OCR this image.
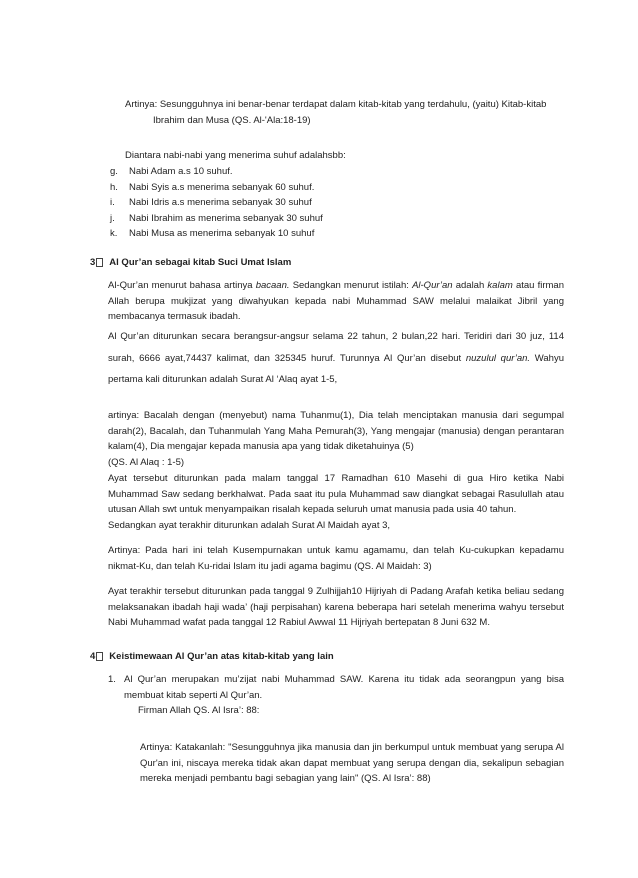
Artinya: Sesungguhnya ini benar-benar terdapat dalam kitab-kitab yang terdahulu, (yaitu) Kitab-kitab

Ibrahim dan Musa (QS. Al-'Ala:18-19)

Diantara nabi-nabi yang menerima suhuf adalahsbb:

g.	Nabi Adam a.s 10 suhuf.
h.	Nabi Syis a.s menerima sebanyak 60 suhuf.
i.	Nabi Idris a.s menerima sebanyak 30 suhuf
j.	Nabi Ibrahim as menerima sebanyak 30 suhuf
k.	Nabi Musa as menerima sebanyak 10 suhuf
3 Al Qur’an sebagai kitab Suci Umat Islam

Al-Qur’an menurut bahasa artinya bacaan. Sedangkan menurut istilah: Al-Qur’an adalah kalam atau firman Allah berupa mukjizat yang diwahyukan kepada nabi Muhammad SAW melalui malaikat Jibril yang membacanya termasuk ibadah.

Al Qur’an diturunkan secara berangsur-angsur selama 22 tahun, 2 bulan,22 hari. Teridiri dari 30 juz, 114 surah, 6666 ayat,74437 kalimat, dan 325345 huruf. Turunnya Al Qur’an disebut nuzulul qur’an. Wahyu pertama kali diturunkan adalah Surat Al ‘Alaq ayat 1-5,

artinya: Bacalah dengan (menyebut) nama Tuhanmu(1), Dia telah menciptakan manusia dari segumpal darah(2), Bacalah, dan Tuhanmulah Yang Maha Pemurah(3), Yang mengajar (manusia) dengan perantaran kalam(4), Dia mengajar kepada manusia apa yang tidak diketahuinya (5)

(QS. Al Alaq : 1-5)

Ayat tersebut diturunkan pada malam tanggal 17 Ramadhan 610 Masehi di gua Hiro ketika Nabi Muhammad Saw sedang berkhalwat. Pada saat itu pula Muhammad saw diangkat sebagai Rasulullah atau utusan Allah swt untuk menyampaikan risalah kepada seluruh umat manusia pada usia 40 tahun.

Sedangkan ayat terakhir diturunkan adalah Surat Al Maidah ayat 3,

Artinya: Pada hari ini telah Kusempurnakan untuk kamu agamamu, dan telah Ku-cukupkan kepadamu nikmat-Ku, dan telah Ku-ridai Islam itu jadi agama bagimu (QS. Al Maidah: 3)

Ayat terakhir tersebut diturunkan pada tanggal 9 Zulhijjah10 Hijriyah di Padang Arafah ketika beliau sedang melaksanakan ibadah haji wada’ (haji perpisahan) karena beberapa hari setelah menerima wahyu tersebut Nabi Muhammad wafat pada tanggal 12 Rabiul Awwal 11 Hijriyah bertepatan 8 Juni 632 M.

4 Keistimewaan Al Qur’an atas kitab-kitab yang lain
1. Al Qur’an merupakan mu’zijat nabi Muhammad SAW. Karena itu tidak ada seorangpun yang bisa membuat kitab seperti Al Qur’an.

Firman Allah QS. Al Isra’: 88:

Artinya: Katakanlah: "Sesungguhnya jika manusia dan jin berkumpul untuk membuat yang serupa Al Qur'an ini, niscaya mereka tidak akan dapat membuat yang serupa dengan dia, sekalipun sebagian mereka menjadi pembantu bagi sebagian yang lain" (QS. Al Isra’: 88)
